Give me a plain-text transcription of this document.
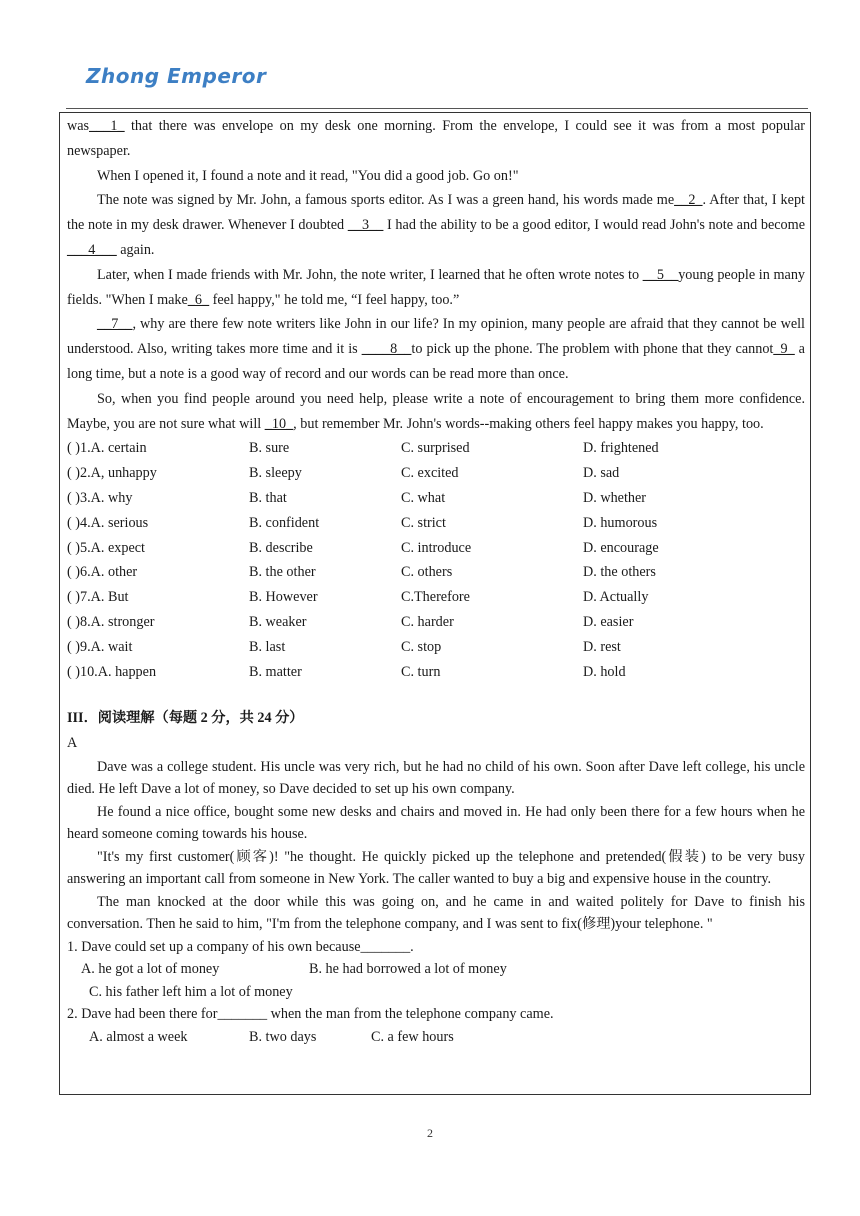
Zhong Emperor

was___1_ that there was envelope on my desk one morning. From the envelope, I could see it was from a most popular newspaper.

When I opened it, I found a note and it read, "You did a good job. Go on!"

The note was signed by Mr. John, a famous sports editor. As I was a green hand, his words made me__2_. After that, I kept the note in my desk drawer. Whenever I doubted __3__ I had the ability to be a good editor, I would read John's note and become ___4___ again.

Later, when I made friends with Mr. John, the note writer, I learned that he often wrote notes to __5__young people in many fields. "When I make_6_ feel happy," he told me, “I feel happy, too.”

__7__, why are there few note writers like John in our life? In my opinion, many people are afraid that they cannot be well understood. Also, writing takes more time and it is ____8__to pick up the phone. The problem with phone that they cannot_9_ a long time, but a note is a good way of record and our words can be read more than once.

So, when you find people around you need help, please write a note of encouragement to bring them more confidence. Maybe, you are not sure what will _10_, but remember Mr. John's words--making others feel happy makes you happy, too.

( )1.A. certain	B. sure	C. surprised	D. frightened
( )2.A, unhappy	B. sleepy	C. excited	D. sad
( )3.A. why	B. that	C. what	D. whether
( )4.A. serious	B. confident	C. strict	D. humorous
( )5.A. expect	B. describe	C. introduce	D. encourage
( )6.A. other	B. the other	C. others	D. the others
( )7.A. But	B. However	C.Therefore	D. Actually
( )8.A. stronger	B. weaker	C. harder	D. easier
( )9.A. wait	B. last	C. stop	D. rest
( )10.A. happen	B. matter	C. turn	D. hold

III．阅读理解（每题 2 分，共 24 分）

A

Dave was a college student. His uncle was very rich, but he had no child of his own. Soon after Dave left college, his uncle died. He left Dave a lot of money, so Dave decided to set up his own company.

He found a nice office, bought some new desks and chairs and moved in. He had only been there for a few hours when he heard someone coming towards his house.

"It's my first customer(顾客)! "he thought. He quickly picked up the telephone and pretended(假装) to be very busy answering an important call from someone in New York. The caller wanted to buy a big and expensive house in the country.

The man knocked at the door while this was going on, and he came in and waited politely for Dave to finish his conversation. Then he said to him, "I'm from the telephone company, and I was sent to fix(修理)your telephone. "

1. Dave could set up a company of his own because_______.

A. he got a lot of money	B. he had borrowed a lot of money
C. his father left him a lot of money

2. Dave had been there for_______ when the man from the telephone company came.

A. almost a week	B. two days	C. a few hours
2
